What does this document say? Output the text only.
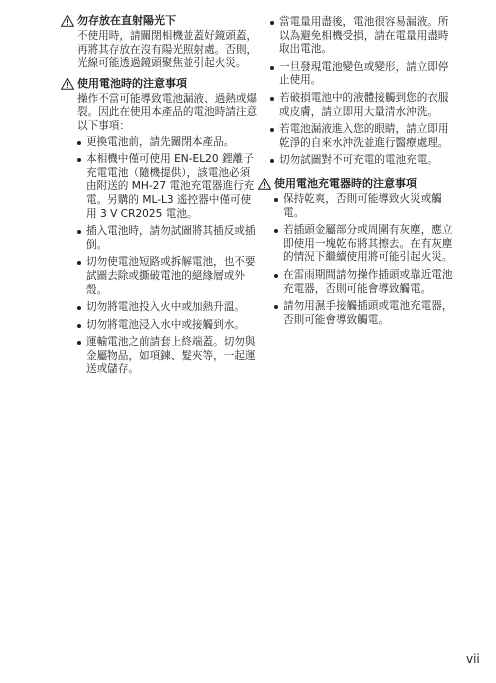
勿存放在直射陽光下
不使用時，請關閉相機並蓋好鏡頭蓋，再將其存放在沒有陽光照射處。否則，光線可能透過鏡頭聚焦並引起火災。
使用電池時的注意事項
操作不當可能導致電池漏液、過熱或爆裂。因此在使用本產品的電池時請注意以下事項：
更換電池前，請先關閉本產品。
本相機中僅可使用 EN-EL20 鋰離子充電電池（隨機提供），該電池必須由附送的 MH-27 電池充電器進行充電。另購的 ML-L3 遙控器中僅可使用 3 V CR2025 電池。
插入電池時，請勿試圖將其插反或插倒。
切勿使電池短路或拆解電池，也不要試圖去除或撕破電池的絕緣層或外殼。
切勿將電池投入火中或加熱升溫。
切勿將電池浸入水中或接觸到水。
運輸電池之前請套上終端蓋。切勿與金屬物品，如項鍊、髮夾等，一起運送或儲存。
當電量用盡後，電池很容易漏液。所以為避免相機受損，請在電量用盡時取出電池。
一旦發現電池變色或變形，請立即停止使用。
若破損電池中的液體接觸到您的衣服或皮膚，請立即用大量清水沖洗。
若電池漏液進入您的眼睛，請立即用乾淨的自來水沖洗並進行醫療處理。
切勿試圖對不可充電的電池充電。
使用電池充電器時的注意事項
保持乾爽，否則可能導致火災或觸電。
若插頭金屬部分或周圍有灰塵，應立即使用一塊乾布將其擦去。在有灰塵的情況下繼續使用將可能引起火災。
在雷雨期間請勿操作插頭或靠近電池充電器，否則可能會導致觸電。
請勿用濕手接觸插頭或電池充電器，否則可能會導致觸電。
vii
